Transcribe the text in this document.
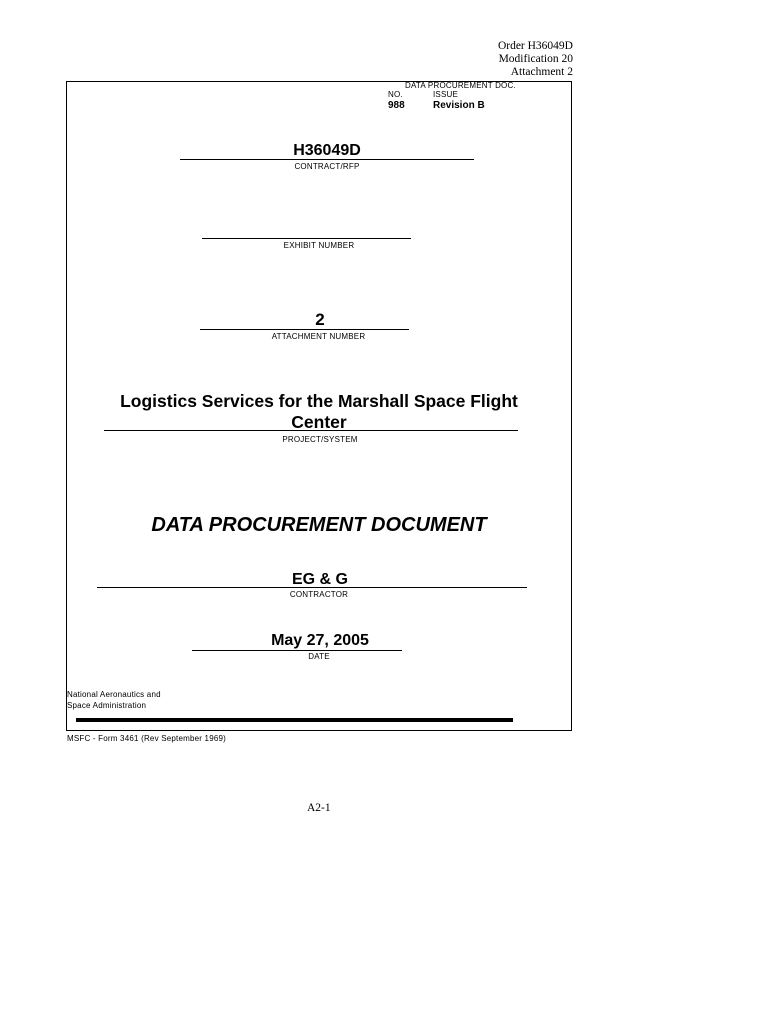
Order H36049D
Modification 20
Attachment 2
DATA PROCUREMENT DOC.
NO.	ISSUE
988	Revision B
H36049D
CONTRACT/RFP
EXHIBIT NUMBER
2
ATTACHMENT NUMBER
Logistics Services for the Marshall Space Flight
Center
PROJECT/SYSTEM
DATA PROCUREMENT DOCUMENT
EG & G
CONTRACTOR
May 27, 2005
DATE
National Aeronautics and
Space Administration
MSFC - Form 3461 (Rev September 1969)
A2-1
